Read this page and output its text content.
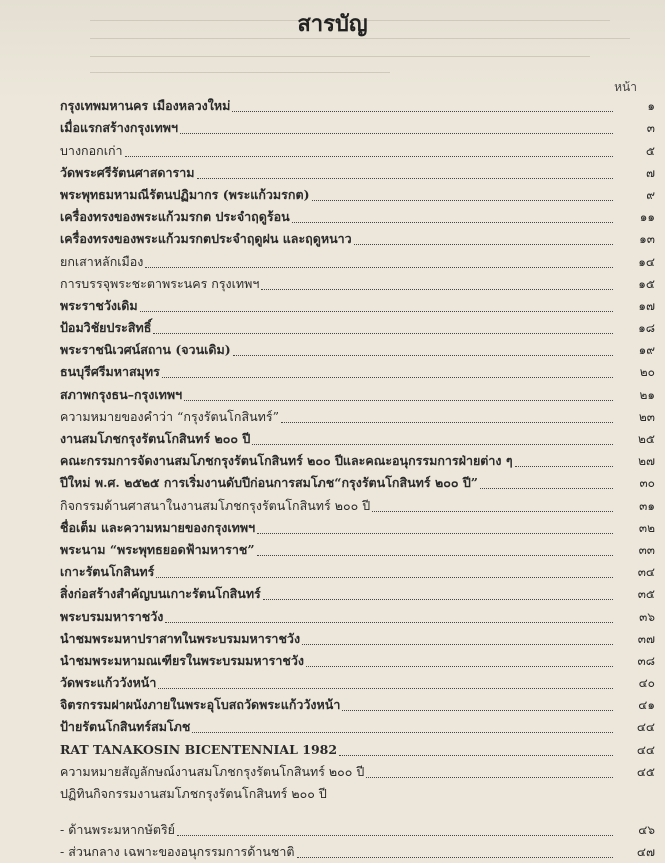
สารบัญ
หน้า
กรุงเทพมหานคร เมืองหลวงใหม่	๑
เมื่อแรกสร้างกรุงเทพฯ	๓
บางกอกเก่า	๕
วัดพระศรีรัตนศาสดาราม	๗
พระพุทธมหามณีรัตนปฏิมากร (พระแก้วมรกต)	๙
เครื่องทรงของพระแก้วมรกต ประจำฤดูร้อน	๑๑
เครื่องทรงของพระแก้วมรกตประจำฤดูฝน และฤดูหนาว	๑๓
ยกเสาหลักเมือง	๑๔
การบรรจุพระชะตาพระนคร กรุงเทพฯ	๑๕
พระราชวังเดิม	๑๗
ป้อมวิชัยประสิทธิ์	๑๘
พระราชนิเวศน์สถาน (จวนเดิม)	๑๙
ธนบุรีศรีมหาสมุทร	๒๐
สภาพกรุงธน–กรุงเทพฯ	๒๑
ความหมายของคำว่า “กรุงรัตนโกสินทร์”	๒๓
งานสมโภชกรุงรัตนโกสินทร์ ๒๐๐ ปี	๒๕
คณะกรรมการจัดงานสมโภชกรุงรัตนโกสินทร์ ๒๐๐ ปีและคณะอนุกรรมการฝ่ายต่าง ๆ	๒๗
ปีใหม่ พ.ศ. ๒๕๒๕ การเริ่มงานดับปีก่อนการสมโภช“กรุงรัตนโกสินทร์ ๒๐๐ ปี”	๓๐
กิจกรรมด้านศาสนาในงานสมโภชกรุงรัตนโกสินทร์ ๒๐๐ ปี	๓๑
ชื่อเต็ม และความหมายของกรุงเทพฯ	๓๒
พระนาม “พระพุทธยอดฟ้ามหาราช”	๓๓
เกาะรัตนโกสินทร์	๓๔
สิ่งก่อสร้างสำคัญบนเกาะรัตนโกสินทร์	๓๕
พระบรมมหาราชวัง	๓๖
นำชมพระมหาปราสาทในพระบรมมหาราชวัง	๓๗
นำชมพระมหามณเฑียรในพระบรมมหาราชวัง	๓๘
วัดพระแก้ววังหน้า	๔๐
จิตรกรรมฝาผนังภายในพระอุโบสถวัดพระแก้ววังหน้า	๔๑
ป้ายรัตนโกสินทร์สมโภช	๔๔
RAT TANAKOSIN BICENTENNIAL 1982	๔๔
ความหมายสัญลักษณ์งานสมโภชกรุงรัตนโกสินทร์ ๒๐๐ ปี	๔๕
ปฏิทินกิจกรรมงานสมโภชกรุงรัตนโกสินทร์ ๒๐๐ ปี
- ด้านพระมหากษัตริย์	๔๖
- ส่วนกลาง เฉพาะของอนุกรรมการด้านชาติ	๔๗
